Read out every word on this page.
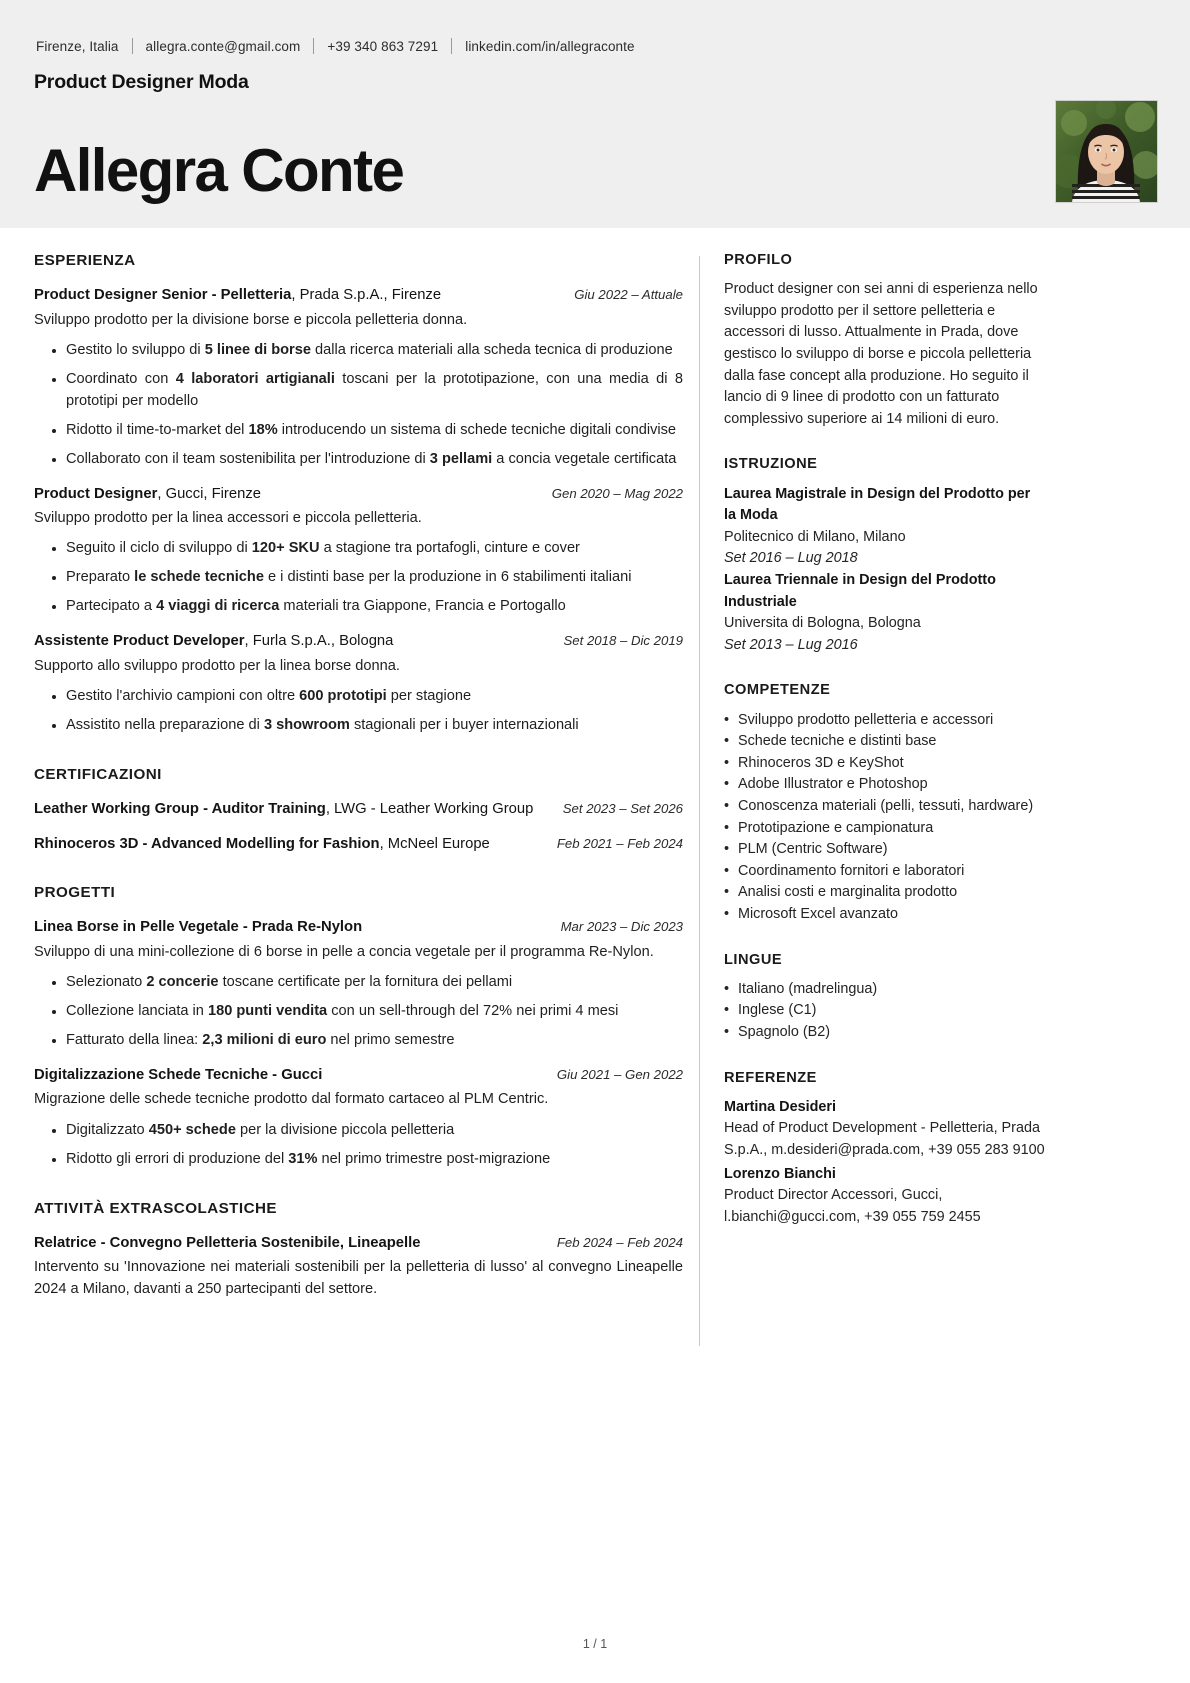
Firenze, Italia allegra.conte@gmail.com +39 340 863 7291 linkedin.com/in/allegraconte
Product Designer Moda
Allegra Conte
ESPERIENZA
Product Designer Senior - Pelletteria, Prada S.p.A., Firenze	Giu 2022 – Attuale
Sviluppo prodotto per la divisione borse e piccola pelletteria donna.
Gestito lo sviluppo di 5 linee di borse dalla ricerca materiali alla scheda tecnica di produzione
Coordinato con 4 laboratori artigianali toscani per la prototipazione, con una media di 8 prototipi per modello
Ridotto il time-to-market del 18% introducendo un sistema di schede tecniche digitali condivise
Collaborato con il team sostenibilita per l'introduzione di 3 pellami a concia vegetale certificata
Product Designer, Gucci, Firenze	Gen 2020 – Mag 2022
Sviluppo prodotto per la linea accessori e piccola pelletteria.
Seguito il ciclo di sviluppo di 120+ SKU a stagione tra portafogli, cinture e cover
Preparato le schede tecniche e i distinti base per la produzione in 6 stabilimenti italiani
Partecipato a 4 viaggi di ricerca materiali tra Giappone, Francia e Portogallo
Assistente Product Developer, Furla S.p.A., Bologna	Set 2018 – Dic 2019
Supporto allo sviluppo prodotto per la linea borse donna.
Gestito l'archivio campioni con oltre 600 prototipi per stagione
Assistito nella preparazione di 3 showroom stagionali per i buyer internazionali
CERTIFICAZIONI
Leather Working Group - Auditor Training, LWG - Leather Working Group	Set 2023 – Set 2026
Rhinoceros 3D - Advanced Modelling for Fashion, McNeel Europe	Feb 2021 – Feb 2024
PROGETTI
Linea Borse in Pelle Vegetale - Prada Re-Nylon	Mar 2023 – Dic 2023
Sviluppo di una mini-collezione di 6 borse in pelle a concia vegetale per il programma Re-Nylon.
Selezionato 2 concerie toscane certificate per la fornitura dei pellami
Collezione lanciata in 180 punti vendita con un sell-through del 72% nei primi 4 mesi
Fatturato della linea: 2,3 milioni di euro nel primo semestre
Digitalizzazione Schede Tecniche - Gucci	Giu 2021 – Gen 2022
Migrazione delle schede tecniche prodotto dal formato cartaceo al PLM Centric.
Digitalizzato 450+ schede per la divisione piccola pelletteria
Ridotto gli errori di produzione del 31% nel primo trimestre post-migrazione
ATTIVITÀ EXTRASCOLASTICHE
Relatrice - Convegno Pelletteria Sostenibile, Lineapelle	Feb 2024 – Feb 2024
Intervento su 'Innovazione nei materiali sostenibili per la pelletteria di lusso' al convegno Lineapelle 2024 a Milano, davanti a 250 partecipanti del settore.
PROFILO
Product designer con sei anni di esperienza nello sviluppo prodotto per il settore pelletteria e accessori di lusso. Attualmente in Prada, dove gestisco lo sviluppo di borse e piccola pelletteria dalla fase concept alla produzione. Ho seguito il lancio di 9 linee di prodotto con un fatturato complessivo superiore ai 14 milioni di euro.
ISTRUZIONE
Laurea Magistrale in Design del Prodotto per la Moda
Politecnico di Milano, Milano
Set 2016 – Lug 2018
Laurea Triennale in Design del Prodotto Industriale
Universita di Bologna, Bologna
Set 2013 – Lug 2016
COMPETENZE
• Sviluppo prodotto pelletteria e accessori
• Schede tecniche e distinti base
• Rhinoceros 3D e KeyShot
• Adobe Illustrator e Photoshop
• Conoscenza materiali (pelli, tessuti, hardware)
• Prototipazione e campionatura
• PLM (Centric Software)
• Coordinamento fornitori e laboratori
• Analisi costi e marginalita prodotto
• Microsoft Excel avanzato
LINGUE
• Italiano (madrelingua)
• Inglese (C1)
• Spagnolo (B2)
REFERENZE
Martina Desideri
Head of Product Development - Pelletteria, Prada S.p.A., m.desideri@prada.com, +39 055 283 9100
Lorenzo Bianchi
Product Director Accessori, Gucci, l.bianchi@gucci.com, +39 055 759 2455
1 / 1
